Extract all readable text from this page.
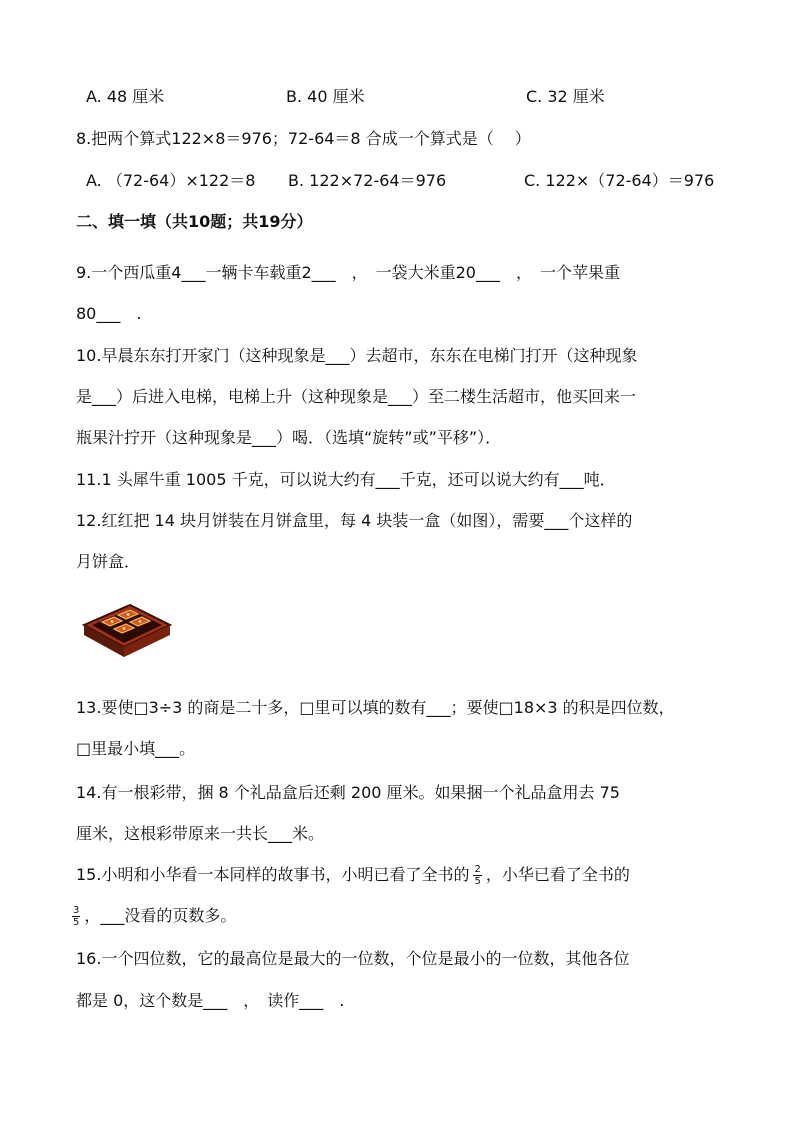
A. 48 厘米	B. 40 厘米	C. 32 厘米
8.把两个算式122×8＝976；72-64＝8 合成一个算式是（　 ）
A. （72-64）×122＝8 B. 122×72-64＝976	C. 122×（72-64）＝976
二、填一填（共10题；共19分）
9.一个西瓜重4___一辆卡车载重2___　，　一袋大米重20___　，　一个苹果重
80___　.
10.早晨东东打开家门（这种现象是___）去超市，东东在电梯门打开（这种现象
是___）后进入电梯，电梯上升（这种现象是___）至二楼生活超市，他买回来一
瓶果汁拧开（这种现象是___）喝．（选填“旋转”或”平移”）．
11.1 头犀牛重 1005 千克，可以说大约有___千克，还可以说大约有___吨．
12.红红把 14 块月饼装在月饼盒里，每 4 块装一盒（如图），需要___个这样的
月饼盒．
13.要使□3÷3 的商是二十多，□里可以填的数有___；要使□18×3 的积是四位数，
□里最小填___。
14.有一根彩带，捆 8 个礼品盒后还剩 200 厘米。如果捆一个礼品盒用去 75
厘米，这根彩带原来一共长___米。
15.小明和小华看一本同样的故事书，小明已看了全书的 $\frac{2}{5}$ ，小华已看了全书的
$\frac{3}{5}$ ，___没看的页数多。
16.一个四位数，它的最高位是最大的一位数，个位是最小的一位数，其他各位
都是 0，这个数是___　，　读作___　.
